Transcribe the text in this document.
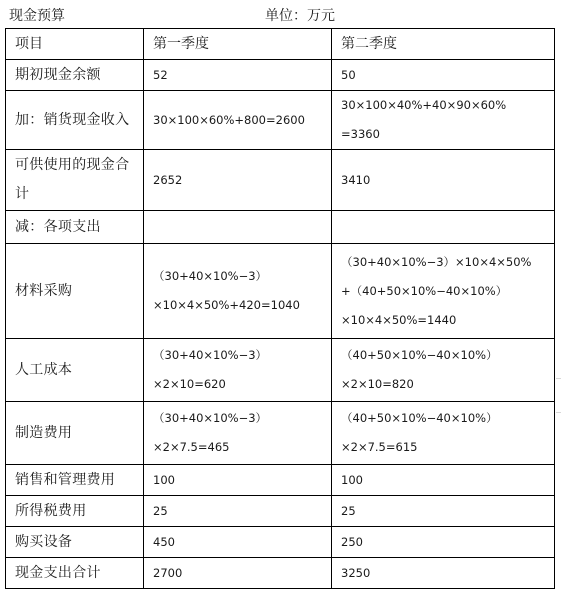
现金预算	单位：万元
项目	第一季度	第二季度

期初现金余额	52	50

加：销货现金收入	30×100×60%+800=2600	30×100×40%+40×90×60%
=3360

可供使用的现金合
计	2652	3410

减：各项支出		

材料采购	（30+40×10%−3）
×10×4×50%+420=1040	（30+40×10%−3）×10×4×50%
+（40+50×10%−40×10%）
×10×4×50%=1440

人工成本	（30+40×10%−3）
×2×10=620	（40+50×10%−40×10%）
×2×10=820

制造费用	（30+40×10%−3）
×2×7.5=465	（40+50×10%−40×10%）
×2×7.5=615

销售和管理费用	100	100

所得税费用	25	25

购买设备	450	250

现金支出合计	2700	3250
